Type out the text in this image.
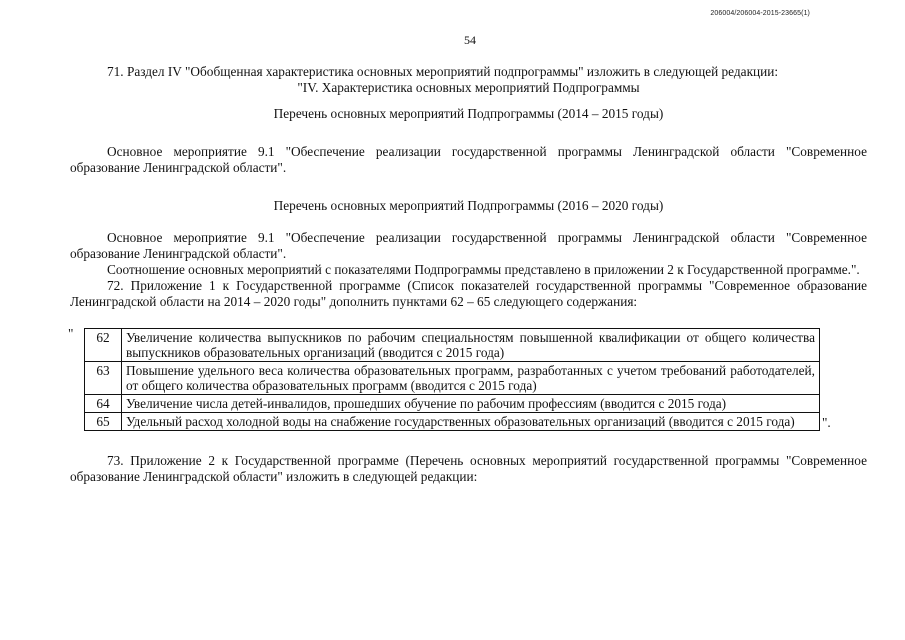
206004/206004-2015-23665(1)
54

71. Раздел IV "Обобщенная характеристика основных мероприятий подпрограммы" изложить в следующей редакции:

"IV. Характеристика основных мероприятий Подпрограммы

Перечень основных мероприятий Подпрограммы (2014 – 2015 годы)

Основное мероприятие 9.1 "Обеспечение реализации государственной программы Ленинградской области "Современное образование Ленинградской области".

Перечень основных мероприятий Подпрограммы (2016 – 2020 годы)

Основное мероприятие 9.1 "Обеспечение реализации государственной программы Ленинградской области "Современное образование Ленинградской области".

Соотношение основных мероприятий с показателями Подпрограммы представлено в приложении 2 к Государственной программе.".

72. Приложение 1 к Государственной программе (Список показателей государственной программы "Современное образование Ленинградской области на 2014 – 2020 годы" дополнить пунктами 62 – 65 следующего содержания:

" 62	Увеличение количества выпускников по рабочим специальностям повышенной квалификации от общего количества выпускников образовательных организаций (вводится с 2015 года)
63	Повышение удельного веса количества образовательных программ, разработанных с учетом требований работодателей, от общего количества образовательных программ (вводится с 2015 года)
64	Увеличение числа детей-инвалидов, прошедших обучение по рабочим профессиям (вводится с 2015 года)
65	Удельный расход холодной воды на снабжение государственных образовательных организаций (вводится с 2015 года) ".

73. Приложение 2 к Государственной программе (Перечень основных мероприятий государственной программы "Современное образование Ленинградской области" изложить в следующей редакции:
